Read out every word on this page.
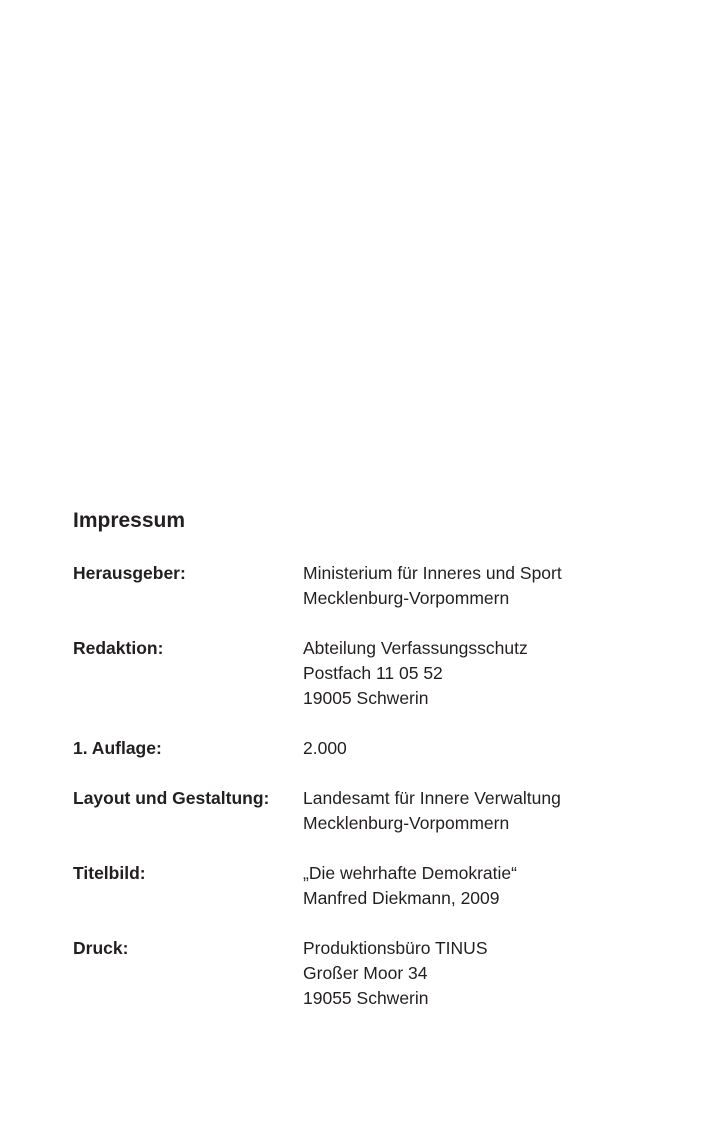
Impressum
Herausgeber:	Ministerium für Inneres und Sport
Mecklenburg-Vorpommern
Redaktion:	Abteilung Verfassungsschutz
Postfach 11 05 52
19005 Schwerin
1. Auflage:	2.000
Layout und Gestaltung:	Landesamt für Innere Verwaltung
Mecklenburg-Vorpommern
Titelbild:	„Die wehrhafte Demokratie“
Manfred Diekmann, 2009
Druck:	Produktionsbüro TINUS
Großer Moor 34
19055 Schwerin
